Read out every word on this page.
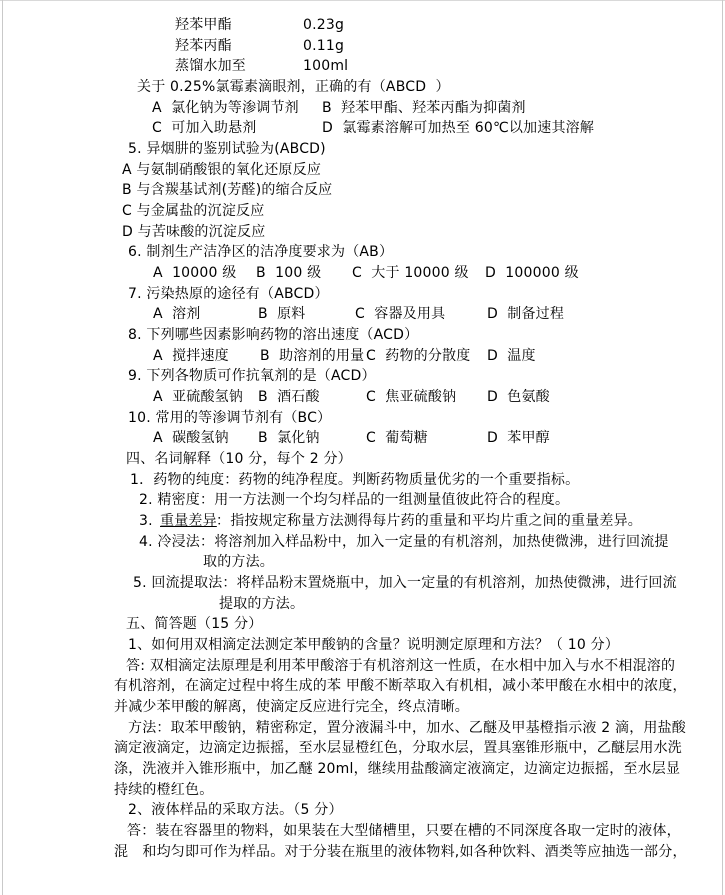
羟苯甲酯	0.23g
羟苯丙酯	0.11g
蒸馏水加至	100ml
关于 0.25%氯霉素滴眼剂，正确的有（ABCD  ）
A  氯化钠为等渗调节剂 B  羟苯甲酯、羟苯丙酯为抑菌剂
C  可加入助悬剂	D  氯霉素溶解可加热至 60℃以加速其溶解
5. 异烟肼的鉴别试验为(ABCD)
A 与氨制硝酸银的氧化还原反应
B 与含羰基试剂(芳醛)的缩合反应
C 与金属盐的沉淀反应
D 与苦味酸的沉淀反应
6. 制剂生产洁净区的洁净度要求为（AB）
A  10000 级 B  100 级 C  大于 10000 级 D  100000 级
7. 污染热原的途径有（ABCD）
A  溶剂	B  原料	C  容器及用具	D  制备过程
8. 下列哪些因素影响药物的溶出速度（ACD）
A  搅拌速度 B  助溶剂的用量 C  药物的分散度 D  温度
9. 下列各物质可作抗氧剂的是（ACD）
A  亚硫酸氢钠 B  酒石酸	C  焦亚硫酸钠 D  色氨酸
10. 常用的等渗调节剂有（BC）
A  碳酸氢钠 B  氯化钠	C  葡萄糖	D  苯甲醇
四、名词解释（10 分，每个 2 分）
1．药物的纯度：药物的纯净程度。判断药物质量优劣的一个重要指标。
2. 精密度：用一方法测一个均匀样品的一组测量值彼此符合的程度。
3. 重量差异 ：指按规定称量方法测得每片药的重量和平均片重之间的重量差异。
4. 冷浸法：将溶剂加入样品粉中，加入一定量的有机溶剂，加热使微沸，进行回流提
取的方法。
5. 回流提取法：将样品粉末置烧瓶中，加入一定量的有机溶剂，加热使微沸，进行回流
提取的方法。
五、简答题（15 分）
1、如何用双相滴定法测定苯甲酸钠的含量？说明测定原理和方法？（ 10 分）
答: 双相滴定法原理是利用苯甲酸溶于有机溶剂这一性质，在水相中加入与水不相混溶的
有机溶剂，在滴定过程中将生成的苯 甲酸不断萃取入有机相，减小苯甲酸在水相中的浓度，
并减少苯甲酸的解离，使滴定反应进行完全，终点清晰。
方法：取苯甲酸钠，精密称定，置分液漏斗中，加水、乙醚及甲基橙指示液 2 滴，用盐酸
滴定液滴定，边滴定边振摇，至水层显橙红色，分取水层，置具塞锥形瓶中，乙醚层用水洗
涤，洗液并入锥形瓶中，加乙醚 20ml，继续用盐酸滴定液滴定，边滴定边振摇，至水层显
持续的橙红色。
2、液体样品的采取方法。（5 分）
答：装在容器里的物料，如果装在大型储槽里，只要在槽的不同深度各取一定时的液体，
混　和均匀即可作为样品。对于分装在瓶里的液体物料,如各种饮料、酒类等应抽选一部分，
